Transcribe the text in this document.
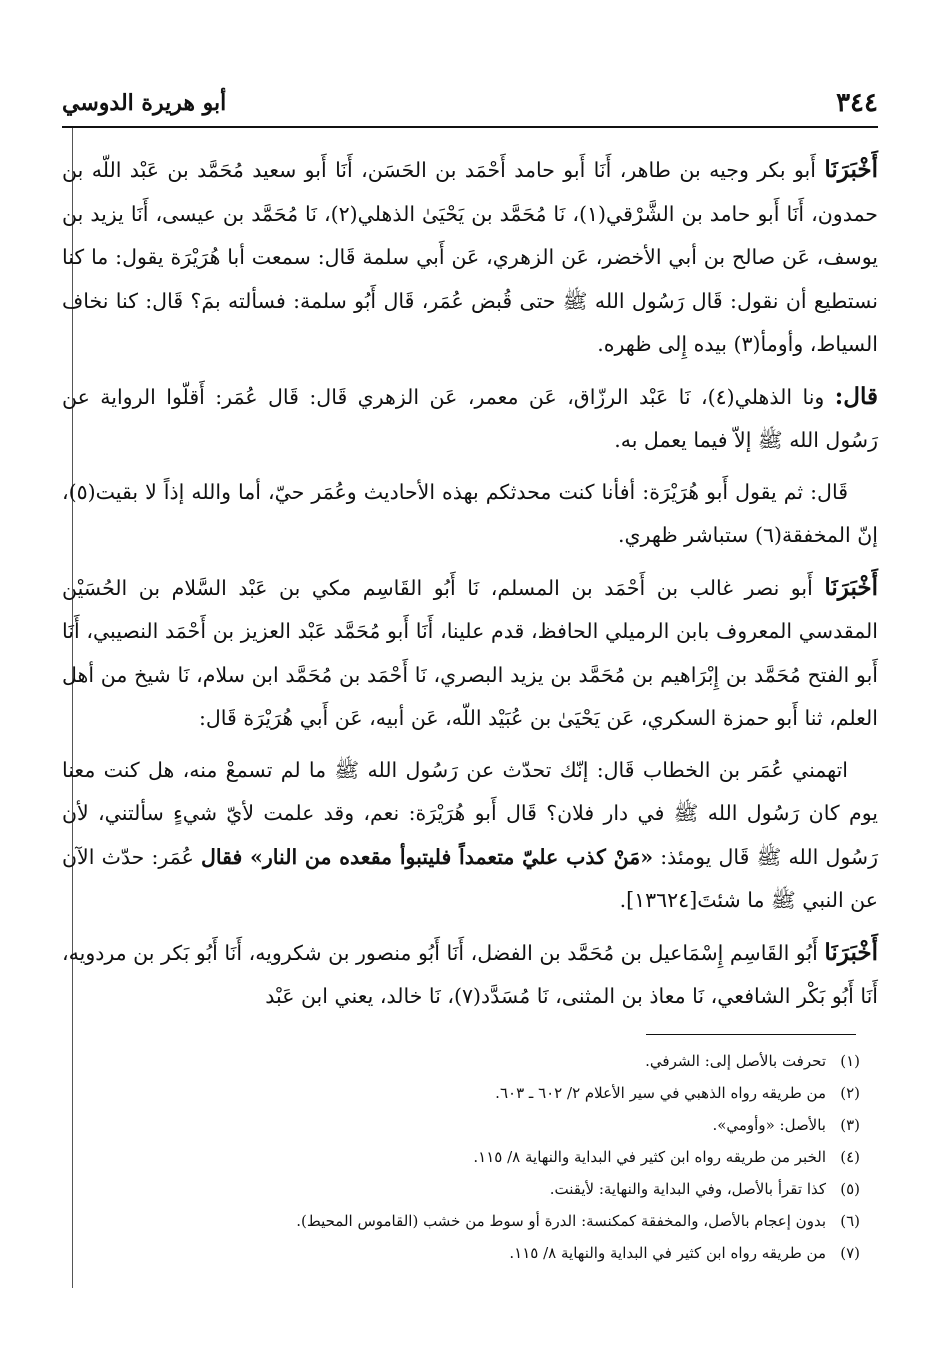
٣٤٤
أبو هريرة الدوسي

أَخْبَرَنَا أَبو بكر وجيه بن طاهر، أَنَا أَبو حامد أَحْمَد بن الحَسَن، أَنَا أَبو سعيد مُحَمَّد بن عَبْد اللّه بن حمدون، أَنَا أَبو حامد بن الشَّرْقي(١)، نَا مُحَمَّد بن يَحْيَىٰ الذهلي(٢)، نَا مُحَمَّد بن عيسى، أَنَا يزيد بن يوسف، عَن صالح بن أبي الأخضر، عَن الزهري، عَن أَبي سلمة قَال: سمعت أبا هُرَيْرَة يقول: ما كنا نستطيع أن نقول: قَال رَسُول الله ﷺ حتى قُبض عُمَر، قَال أَبُو سلمة: فسألته بمَ؟ قَال: كنا نخاف السياط، وأومأ(٣) بيده إِلى ظهره.

قال: ونا الذهلي(٤)، نَا عَبْد الرزّاق، عَن معمر، عَن الزهري قَال: قَال عُمَر: أَقلّوا الرواية عن رَسُول الله ﷺ إلاّ فيما يعمل به.

قَال: ثم يقول أَبو هُرَيْرَة: أفأنا كنت محدثكم بهذه الأحاديث وعُمَر حيّ، أما والله إذاً لا بقيت(٥)، إنّ المخفقة(٦) ستباشر ظهري.

أَخْبَرَنَا أَبو نصر غالب بن أَحْمَد بن المسلم، نَا أَبُو القَاسِم مكي بن عَبْد السَّلام بن الحُسَيْن المقدسي المعروف بابن الرميلي الحافظ، قدم علينا، أَنَا أَبو مُحَمَّد عَبْد العزيز بن أَحْمَد النصيبي، أَنَا أَبو الفتح مُحَمَّد بن إِبْرَاهيم بن مُحَمَّد بن يزيد البصري، نَا أَحْمَد بن مُحَمَّد ابن سلام، نَا شيخ من أهل العلم، ثنا أَبو حمزة السكري، عَن يَحْيَىٰ بن عُبَيْد اللّه، عَن أبيه، عَن أَبي هُرَيْرَة قَال:

اتهمني عُمَر بن الخطاب قَال: إنّك تحدّث عن رَسُول الله ﷺ ما لم تسمعْ منه، هل كنت معنا يوم كان رَسُول الله ﷺ في دار فلان؟ قَال أَبو هُرَيْرَة: نعم، وقد علمت لأيّ شيءٍ سألتني، لأن رَسُول الله ﷺ قَال يومئذ: «مَنْ كذب عليّ متعمداً فليتبوأ مقعده من النار» فقال عُمَر: حدّث الآن عن النبي ﷺ ما شئتَ[١٣٦٢٤].

أَخْبَرَنَا أَبُو القَاسِم إِسْمَاعيل بن مُحَمَّد بن الفضل، أَنَا أَبُو منصور بن شكرويه، أَنَا أَبُو بَكر بن مردويه، أَنَا أَبُو بَكْر الشافعي، نَا معاذ بن المثنى، نَا مُسَدَّد(٧)، نَا خالد، يعني ابن عَبْد

(١)
تحرفت بالأصل إلى: الشرفي.
(٢)
من طريقه رواه الذهبي في سير الأعلام ٢/ ٦٠٢ ـ ٦٠٣.
(٣)
بالأصل: «وأومي».
(٤)
الخبر من طريقه رواه ابن كثير في البداية والنهاية ٨/ ١١٥.
(٥)
كذا تقرأ بالأصل، وفي البداية والنهاية: لأيقنت.
(٦)
بدون إعجام بالأصل، والمخفقة كمكنسة: الدرة أو سوط من خشب (القاموس المحيط).
(٧)
من طريقه رواه ابن كثير في البداية والنهاية ٨/ ١١٥.
